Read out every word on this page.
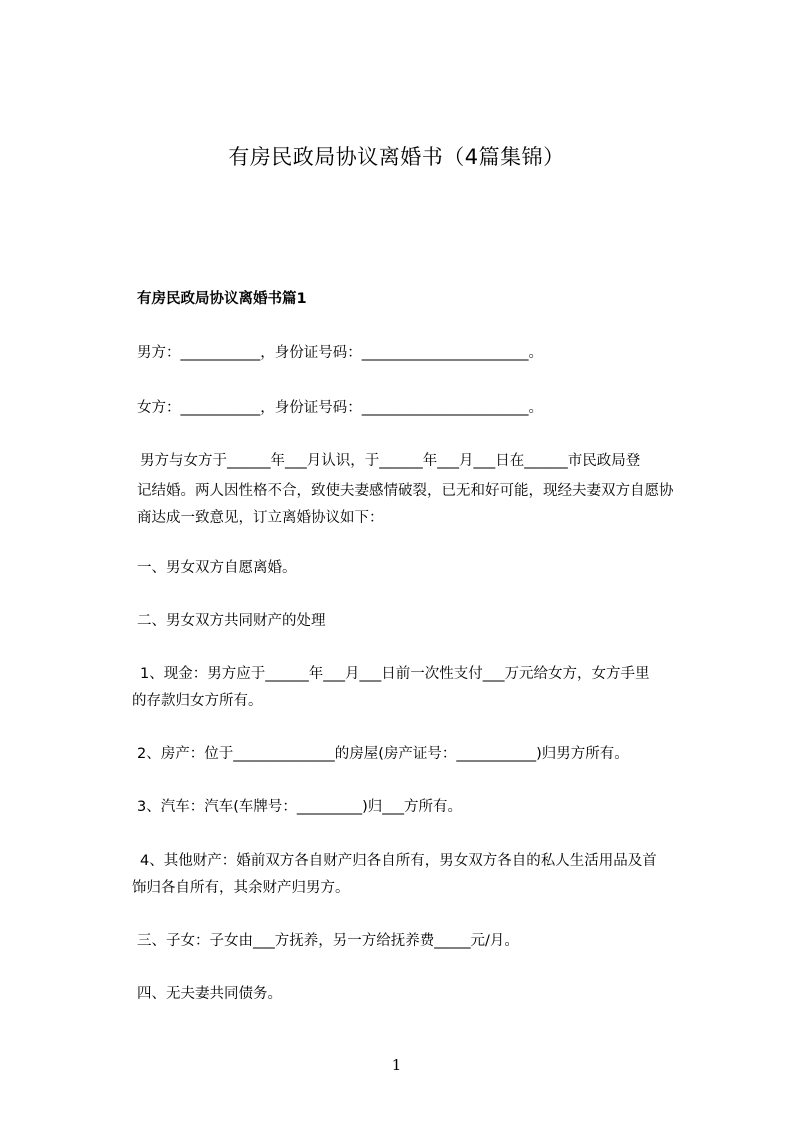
有房民政局协议离婚书（4篇集锦）
有房民政局协议离婚书篇1
男方：___________，身份证号码：_______________________。
女方：___________，身份证号码：_______________________。
男方与女方于______年___月认识，于______年___月___日在______市民政局登
记结婚。两人因性格不合，致使夫妻感情破裂，已无和好可能，现经夫妻双方自愿协
商达成一致意见，订立离婚协议如下：
一、男女双方自愿离婚。
二、男女双方共同财产的处理
1、现金：男方应于______年___月___日前一次性支付___万元给女方，女方手里
的存款归女方所有。
2、房产：位于______________的房屋(房产证号：___________)归男方所有。
3、汽车：汽车(车牌号：_________)归___方所有。
4、其他财产：婚前双方各自财产归各自所有，男女双方各自的私人生活用品及首
饰归各自所有，其余财产归男方。
三、子女：子女由___方抚养，另一方给抚养费_____元/月。
四、无夫妻共同债务。
1
